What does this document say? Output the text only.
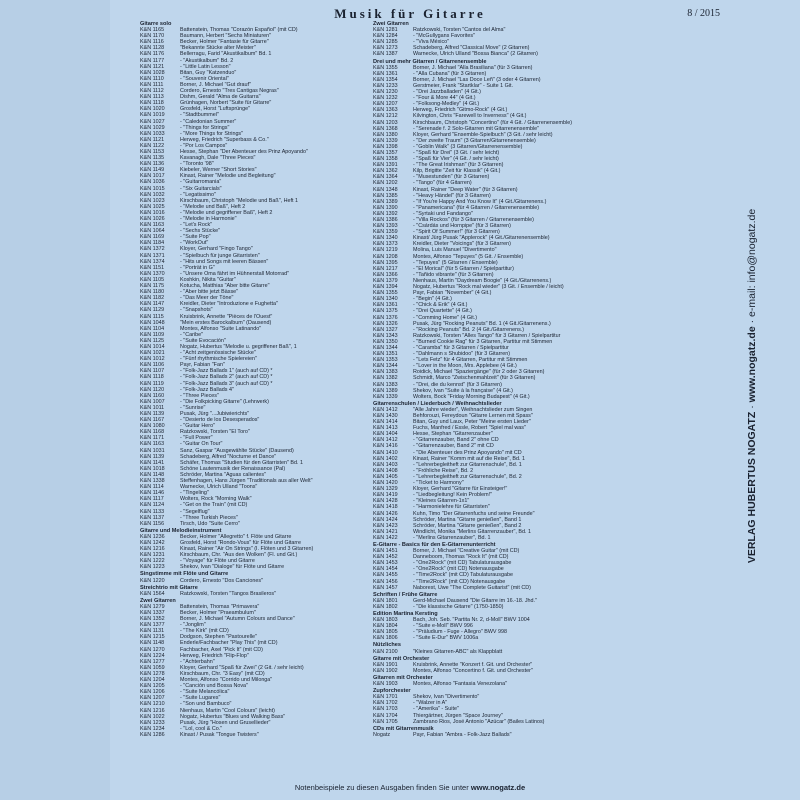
Musik für Gitarre	8 / 2015
Gitarre solo
K&N 1165	Battenstein, Thomas "Corazón Español" (mit CD)
K&N 1170	Baumann, Herbert "Sechs Miniaturen"
K&N 1116	Becker, Holmer "Fantasie für Gitarre"
K&N 1128	"Bekannte Stücke alter Meister"
K&N 1176	Bellerragu, Farid "Akustikalbum" Bd. 1
K&N 1177	- "Akustikalbum" Bd. 2
K&N 1121	- "Little Latin Lesson"
K&N 1028	Bitan, Guy "Katzenduo"
K&N 1110	- "Souvenir Oriental"
K&N 1111	Borner, J. Michael "Gut drauf"
K&N 1112	Cordero, Ernesto "Tres Cantigas Negras"
K&N 1113	Dishm, Gerald "Alma de Guitarra"
K&N 1118	Grünhagen, Norbert "Suite für Gitarre"
K&N 1020	Grosfeld, Horst "Luftsprünge"
K&N 1019	- "Stadtbummel"
K&N 1027	- "Caledonian Summer"
K&N 1029	- "Things for Strings"
K&N 1033	- "More Things for Strings"
K&N 1121	Herweg, Friedrich "Superbass & Co."
K&N 1122	- "Por Los Campos"
K&N 1153	Hesse, Stephan "Der Abenteuer des Prinz Apoyando"
K&N 1135	Kavanagh, Dale "Three Pieces"
K&N 1136	- "Toronto '98"
K&N 1149	Kiebeler, Werner "Short Stories"
K&N 1017	Kinast, Rainer "Melodie und Begleitung"
K&N 1036	- "Guitarromania"
K&N 1015	- "Six Guitarcials"
K&N 1032	- "Legatissimo"
K&N 1023	Kirschbaum, Christoph "Melodie und Baß", Heft 1
K&N 1025	- "Melodie und Baß", Heft 2
K&N 1016	- "Melodie und gegriffener Baß", Heft 2
K&N 1026	- "Melodie in Harmonie"
K&N 1163	- "Let's Rock"
K&N 1064	- "Sechs Stücke"
K&N 1169	- "Suite Pop"
K&N 1184	- "WorkOut"
K&N 1372	Kloyer, Gerhard "Fingo Tango"
K&N 1371	- "Spielbuch für junge Gitarristen"
K&N 1374	- "Hits und Songs mit leeren Bässen"
K&N 1151	- "Porträt in G"
K&N 1370	- "Unsere Oma fährt im Hühnerstall Motorrad"
K&N 1105	Koshkin, Nikita "Guitar"
K&N 1175	Kotucha, Matthias "Aber bitte Gitarre"
K&N 1180	- "Aber bitte jetzt Bässe"
K&N 1182	- "Das Meer der Töne"
K&N 1147	Kreidler, Dieter "Introduzione e Fughetta"
K&N 1129	- "Snapshots"
K&N 1115	Kruisbrink, Annette "Pièces de l'Ouest"
K&N 1048	"Mein erstes Barockalbum" (Dausend)
K&N 1104	Montes, Alfonso "Suite Latinando"
K&N 1109	- "Caribe"
K&N 1125	- "Suite Evocación"
K&N 1014	Nogatz, Hubertus "Melodie u. gegriffener Baß", 1
K&N 1021	- "Acht zeitgenössische Stücke"
K&N 1012	- "Fünf rhythmische Spielereien"
K&N 1106	Payr, Fabian "Fan"
K&N 1107	- "Folk-Jazz Ballads 1" (auch auf CD) *
K&N 1118	- "Folk-Jazz Ballads 2" (auch auf CD) *
K&N 1119	- "Folk-Jazz Ballads 3" (auch auf CD) *
K&N 1120	- "Folk-Jazz Ballads 4"
K&N 1160	- "Three Pieces"
K&N 1007	- "Die Folkpicking Gitarre" (Lehrwerk)
K&N 1011	- "Sunrise"
K&N 1139	Pusak, Jürg "...Jubiwierichts"
K&N 1167	- "Desierto de los Desesperados"
K&N 1080	- "Guitar Hero"
K&N 1168	Ratzkowski, Torsten "El Toro"
K&N 1171	- "Full Power"
K&N 1163	- "Guitar On Tour"
K&N 1031	Sanz, Gaspar "Ausgewählte Stücke" (Dausend)
K&N 1139	Schadeberg, Alfred "Nocturne et Dance"
K&N 1141	Schäfer, Thomas "Studien für den Gitarristen" Bd. 1
K&N 1018	Schöne Lautenmusik der Renaissance (Pal)
K&N 1148	Schröder, Martina "Aguas calientes"
K&N 1338	Steffenhagen, Hans Jürgen "Traditionals aus aller Welt"
K&N 1114	Warnecke, Ulrich Ulland "Toons"
K&N 1146	- "Tingeling"
K&N 1117	Wolters, Rock "Morning Walk"
K&N 1124	- "Get on the Train" (mit CD)
K&N 1133	- "Segelflug"
K&N 1137	- "Three Turkish Pieces"
K&N 1156	Tirsch, Udo "Suite Cerro"
Gitarre und Melodieinstrument
K&N 1236	Becker, Holmer "Allegretto" f. Flöte und Gitarre
K&N 1242	Grosfeld, Horst "Rondo-Vous" für Flöte und Gitarre
K&N 1216	Kinast, Rainer "Air On Strings" (I. Flöten und 3 Gitarren)
K&N 1231	Kirschbaum, Chr. "Aus den Wolken" (Fl. und Git.)
K&N 1222	- "Voyage" für Flöte und Gitarre
K&N 1223	Shekov, Ivan "Dialoge" für Flöte und Gitarre
Singstimme mit Flöte und Gitarre
K&N 1220	Cordero, Ernesto "Dos Canciones"
Streichtrio mit Gitarre
K&N 1564	Ratzkowski, Torsten "Tangos Brasileros"
Zwei Gitarren
K&N 1279	Battenstein, Thomas "Primavera"
K&N 1337	Becker, Holmer "Praeambulum"
K&N 1352	Borner, J. Michael "Autumn Colours and Dance"
K&N 1377	- "Jonglim"
K&N 1131	- "The Kirk" (mit CD)
K&N 1215	Dodgson, Stephen "Pastourelle"
K&N 1148	Enderle/Fachbacher "Play This" (mit CD)
K&N 1270	Fachbacher, Axel "Pick It" (mit CD)
K&N 1224	Herweg, Friedrich "Flip-Flop"
K&N 1277	- "Achterbahn"
K&N 1059	Kloyer, Gerhard "Spaß für Zwei" (2 Git. / sehr leicht)
K&N 1278	Kirschbaum, Chr. "3 Easy" (mit CD)
K&N 1204	Montes, Alfonso "Corrido und Milonga"
K&N 1205	- "Canción und Bossa Nova"
K&N 1206	- "Suite Melancólica"
K&N 1207	- "Suite Lugares"
K&N 1210	- "Son und Bambuco"
K&N 1216	Nienhaus, Martin "Cool Colours" (leicht)
K&N 1022	Nogatz, Hubertus "Blues und Walking Bass"
K&N 1233	Pusak, Jürg "Hosen und Grusellieder"
K&N 1234	- "Lol, cool & Co."
K&N 1286	Kinast / Pusak "Tongue Twisters"
Zwei Gitarren
K&N 1281	Ratzkowski, Torsten "Cantos del Alma"
K&N 1284	- "McGullygans Favorites"
K&N 1285	- "Viva México"
K&N 1273	Schadeberg, Alfred "Classical Move" (2 Gitarren)
K&N 1387	Warnecke, Ulrich Ulland "Bossa Bianca" (2 Gitarren)
Drei und mehr Gitarren / Gitarrenensemble
K&N 1355	Borner, J. Michael "Alla Brasiliana" (für 3 Gitarren)
K&N 1361	- "Alla Cubana" (für 3 Gitarren)
K&N 1354	Borner, J. Michael "Las Doce Leñ" (3 oder 4 Gitarren)
K&N 1233	Gerstmeier, Frank "Startklar" - Suite 1 Git.
K&N 1230	- "Drei Jazzballaden" (4 Git.)
K&N 1232	- "Four & More 44" (4 Git.)
K&N 1207	- "Folksong-Medley" (4 Git.)
K&N 1363	Herweg, Friedrich "Gitmo-Rock" (4 Git.)
K&N 1212	Kilvington, Chris "Farewell to Inverness" (4 Git.)
K&N 1203	Kirschbaum, Christoph "Concertino" (für 4 Git. / Gitarrenensemble)
K&N 1368	- "Serenade f. 2 Solo-Gitarren mit Gitarrenensemble"
K&N 1380	Kloyer, Gerhard "Ensemble-Spielbuch" (3 Git. / sehr leicht)
K&N 1339	- "Der zweite Traum" (3 Gitarren/Gitarrenensemble)
K&N 1398	- "Goblin Walk" (3 Gitarren/Gitarrenensemble)
K&N 1357	- "Spaß für Drei" (3 Git. / sehr leicht)
K&N 1358	- "Spaß für Vier" (4 Git. / sehr leicht)
K&N 1391	- "The Great Irishman" (für 3 Gitarren)
K&N 1362	Kilp, Brigitte "Zeit für Klassik" (4 Git.)
K&N 1364	- "Musestunden" (für 3 Gitarren)
K&N 1202	- "Tango" (für 4 Gitarren)
K&N 1348	Kinast, Rainer "Deep Water" (für 3 Gitarren)
K&N 1385	- "Heavy Händel" (für 3 Gitarren)
K&N 1389	- "If You're Happy And You Know It" (4 Git./Gitarrenens.)
K&N 1390	- "Panamericana" (für 4 Gitarren / Gitarrenensemble)
K&N 1392	- "Syrtaki und Fandango"
K&N 1386	- "Villa Rockos" (für 3 Gitarren / Gitarrenensemble)
K&N 1393	- "Csárdás und Hornpipe" (für 3 Gitarren)
K&N 1359	- "Spirit Of Summer!" (für 3 Gitarren)
K&N 1340	Kinast/ Jürg Pusak "Applerock" (4 Git./Gitarrenensemble)
K&N 1373	Kreidler, Dieter "Voicings" (für 3 Gitarren)
K&N 1219	Molina, Luis Manuel "Divertimento"
K&N 1208	Montes, Alfonso "Tepuyes" (5 Git. / Ensemble)
K&N 1395	- "Tepuyes" (5 Gitarren / Ensemble)
K&N 1217	- "El Morical" (für 5 Gitarren / Spielpartitur)
K&N 1366	- "Tañido vibrante" (für 3 Gitarren)
K&N 1379	Nienhaus, Martin "Daydream Boogie" (4 Git./Gitarrenens.)
K&N 1394	Nogatz, Hubertus "Rock mal wieder" (3 Git. / Ensemble / leicht)
K&N 1355	Payr, Fabian "November" (4 Git.)
K&N 1340	- "Begin" (4 Git.)
K&N 1361	- "Chick & Erik" (4 Git.)
K&N 1375	- "Drei Quartette" (4 Git.)
K&N 1376	- "Comming Home" (4 Git.)
K&N 1326	Pusak, Jürg "Rocking Peanuts" Bd. 1 (4 Git./Gitarrenens.)
K&N 1327	- "Rocking Peanuts" Bd. 2 (4 Git./Gitarrenens.)
K&N 1343	Ratzkowski, Torsten "Alles Tango" für 3 Gitarren / Spielpartitur
K&N 1350	- "Burned Cookie Rag" für 3 Gitarren, Partitur mit Stimmen
K&N 1344	- "Caramba" für 3 Gitarren / Spielpartitur
K&N 1351	- "Dahlmann s Shubidoo" (für 3 Gitarren)
K&N 1353	- "Lets Fetz" für 4 Gitarren, Partitur mit Stimmen
K&N 1344	- "Lover in the Moon, Mrs. Applebee (4 Git.)
K&N 1383	Roidick, Michael "Spaziergänge" (für 2 oder 3 Gitarren)
K&N 1382	Schmidt, Marco "Zwischenmahlzeit" (für 3 Gitarren)
K&N 1383	- "Drei, die du kennst" (für 3 Gitarren)
K&N 1389	Shekov, Ivan "Suite à la française" (4 Git.)
K&N 1339	Wolters, Bock "Friday Morning Budapest" (4 Git.)
Gitarrenschulen / Liederbuch / Weihnachtslieder
K&N 1412	"Alle Jahre wieder", Weihnachtslieder zum Singen
K&N 1430	Behforouzi, Fereydoun "Gitarre Lernen mit Spass"
K&N 1414	Bitan, Guy und Laux, Peter "Meine ersten Lieder"
K&N 1413	Fuchs, Manfred / Essle, Robert "Spiel mal was"
K&N 1404	Hesse, Stephan "Gitarrenzauber"
K&N 1412	- "Gitarrenzauber, Band 2" ohne CD
K&N 1416	- "Gitarrenzauber, Band 2" mit CD
K&N 1410	- "Die Abenteuer des Prinz Apoyando" mit CD
K&N 1402	Kinast, Rainer "Komm mit auf die Reise", Bd. 1
K&N 1403	- "Lehrerbegleitheft zur Gitarrenschule", Bd. 1
K&N 1408	- "Fröhliche Reise", Bd. 2
K&N 1405	- "Lehrerbegleitheft zur Gitarrenschule", Bd. 2
K&N 1420	- "Ticket to Harmony"
K&N 1329	Kloyer, Gerhard "Gitarre für Einsteiger!"
K&N 1419	- "Liedbegleitung! Kein Problem!"
K&N 1428	- "Kleines Gitarren-1x1"
K&N 1418	- "Harmonielehre für Gitarristen"
K&N 1426	Kuhn, Timo "Der Gitarrenfuchs und seine Freunde"
K&N 1424	Schröder, Martina "Gitarre genießen", Band 1
K&N 1423	Schröder, Martina "Gitarre genießen", Band 2
K&N 1421	Windlicht, Monika "Merlins Gitarrenzauber", Bd. 1
K&N 1422	- "Merlins Gitarrenzauber", Bd. 1
E-Gitarre - Basics für den E-Gitarrenunterricht
K&N 1451	Borner, J. Michael "Creative Guitar" (mit CD)
K&N 1452	Danneboom, Thomas "Rock It" (mit CD)
K&N 1453	- "One2Rock" (mit CD) Tabulaturausgabe
K&N 1454	- "One2Rock" (mit CD) Notenausgabe
K&N 1455	- "Time2Rock" (mit CD) Tabulaturausgabe
K&N 1456	- "Time2Rock" (mit CD) Notenausgabe
K&N 1457	Naborest, Uwe "The Complete Guitarist" (mit CD)
Schriften / Frühe Gitarre
K&N 1801	Gerd-Michael Dausend "Die Gitarre im 16.-18. Jhd."
K&N 1802	- "Die klassische Gitarre" (1750-1850)
Edition Martina Kersting
K&N 1803	Bach, Joh. Seb. "Partita Nr. 2, d-Moll" BWV 1004
K&N 1804	- "Suite e-Moll" BWV 996
K&N 1805	- "Präludium - Fuge - Allegro" BWV 998
K&N 1806	- "Suite E-Dur" BWV 1006a
Nützliches
K&N 2100	"Kleines Gitarren-ABC" als Klappblatt
Gitarre mit Orchester
K&N 1901	Kruisbrink, Annette "Konzert f. Git. und Orchester"
K&N 1902	Montes, Alfonso "Concertino f. Git. und Orchester"
Gitarren mit Orchester
K&N 1903	Montes, Alfonso "Fantasia Venezolana"
Zupforchester
K&N 1701	Shekov, Ivan "Divertimento"
K&N 1702	- "Walzer in A"
K&N 1703	- "Amerika" - Suite"
K&N 1704	Thiergärtner, Jürgen "Space Journey"
K&N 1705	Zambrano Rios, José Antonio "Azúcar" (Bailes Latinos)
CDs mit Gitarrenmusik
Nogatz	Payr, Fabian "Ambra - Folk-Jazz Ballads"
VERLAG HUBERTUS NOGATZ · www.nogatz.de · e-mail: info@nogatz.de
Notenbeispiele zu diesen Ausgaben finden Sie unter www.nogatz.de
